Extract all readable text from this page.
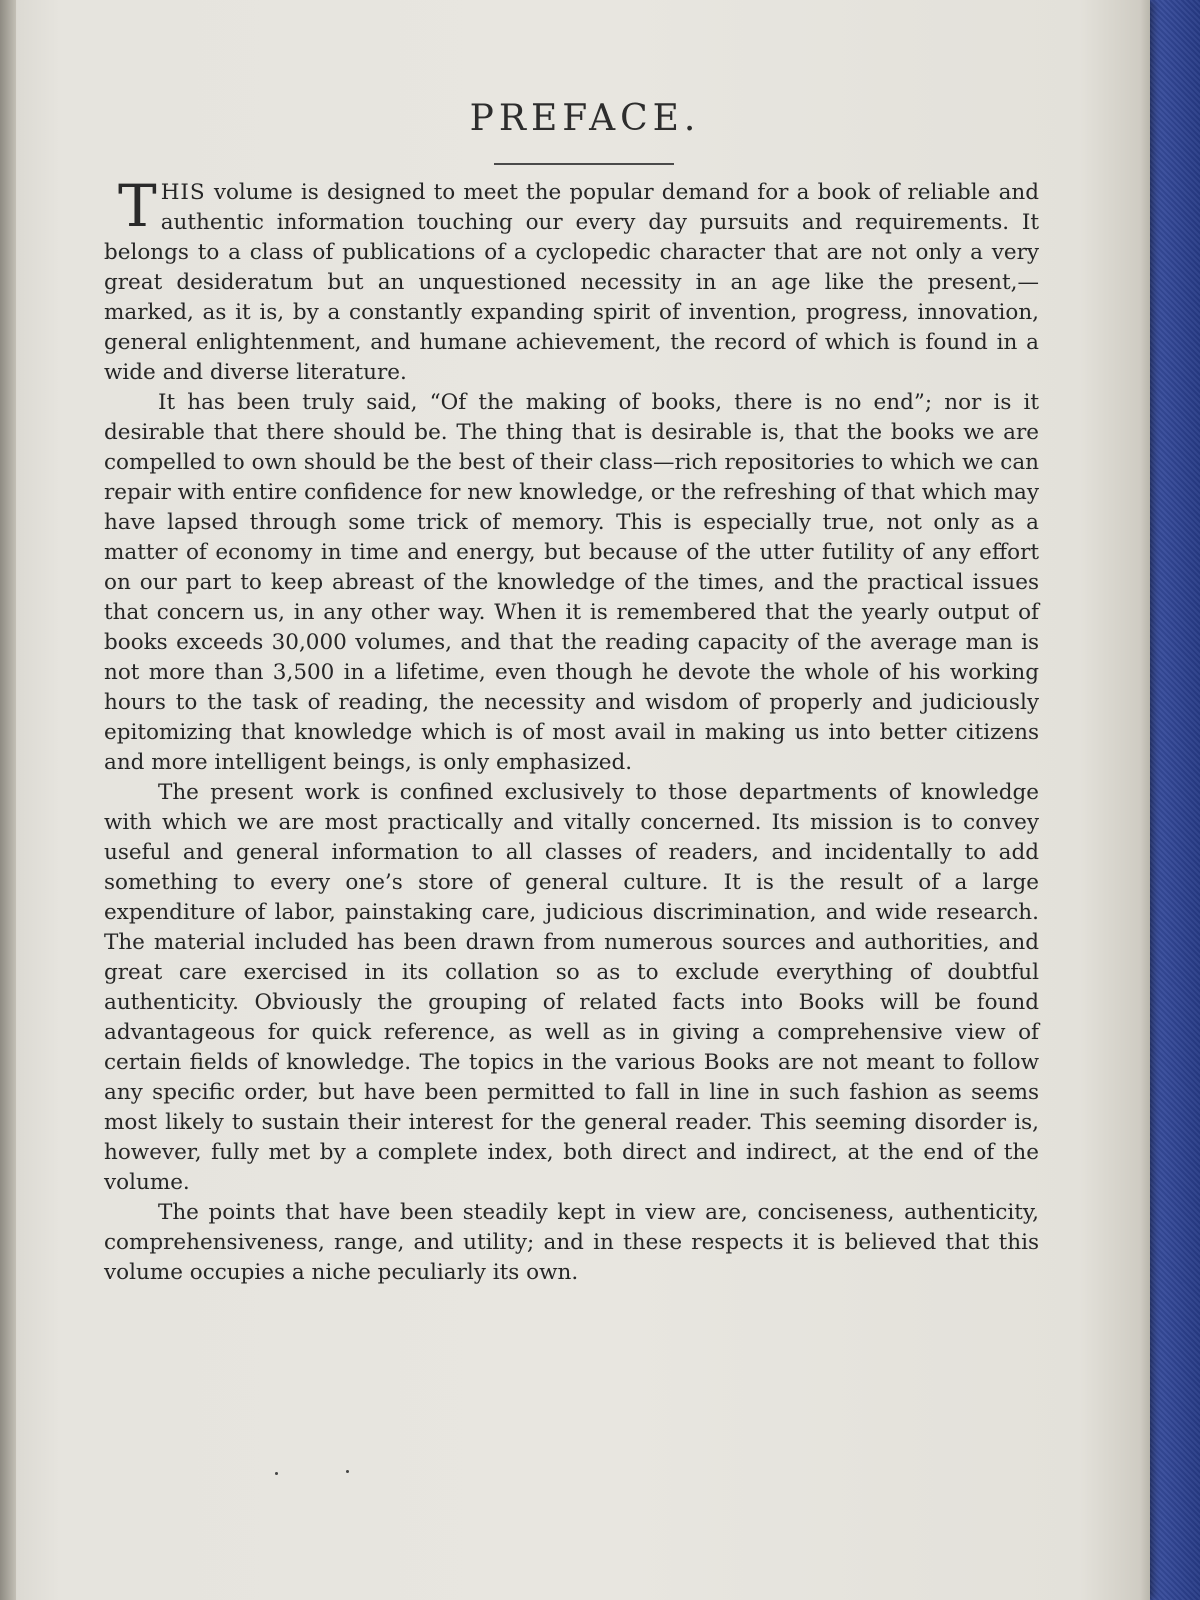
PREFACE.

THIS volume is designed to meet the popular demand for a book of reliable and authentic information touching our every day pursuits and requirements. It belongs to a class of publications of a cyclopedic character that are not only a very great desideratum but an unquestioned necessity in an age like the present,—marked, as it is, by a constantly expanding spirit of invention, progress, innovation, general enlightenment, and humane achievement, the record of which is found in a wide and diverse literature.

It has been truly said, “Of the making of books, there is no end”; nor is it desirable that there should be. The thing that is desirable is, that the books we are compelled to own should be the best of their class—rich repositories to which we can repair with entire confidence for new knowledge, or the refreshing of that which may have lapsed through some trick of memory. This is especially true, not only as a matter of economy in time and energy, but because of the utter futility of any effort on our part to keep abreast of the knowledge of the times, and the practical issues that concern us, in any other way. When it is remembered that the yearly output of books exceeds 30,000 volumes, and that the reading capacity of the average man is not more than 3,500 in a lifetime, even though he devote the whole of his working hours to the task of reading, the necessity and wisdom of properly and judiciously epitomizing that knowledge which is of most avail in making us into better citizens and more intelligent beings, is only emphasized.

The present work is confined exclusively to those departments of knowledge with which we are most practically and vitally concerned. Its mission is to convey useful and general information to all classes of readers, and incidentally to add something to every one’s store of general culture. It is the result of a large expenditure of labor, painstaking care, judicious discrimination, and wide research. The material included has been drawn from numerous sources and authorities, and great care exercised in its collation so as to exclude everything of doubtful authenticity. Obviously the grouping of related facts into Books will be found advantageous for quick reference, as well as in giving a comprehensive view of certain fields of knowledge. The topics in the various Books are not meant to follow any specific order, but have been permitted to fall in line in such fashion as seems most likely to sustain their interest for the general reader. This seeming disorder is, however, fully met by a complete index, both direct and indirect, at the end of the volume.

The points that have been steadily kept in view are, conciseness, authenticity, comprehensiveness, range, and utility; and in these respects it is believed that this volume occupies a niche peculiarly its own.
